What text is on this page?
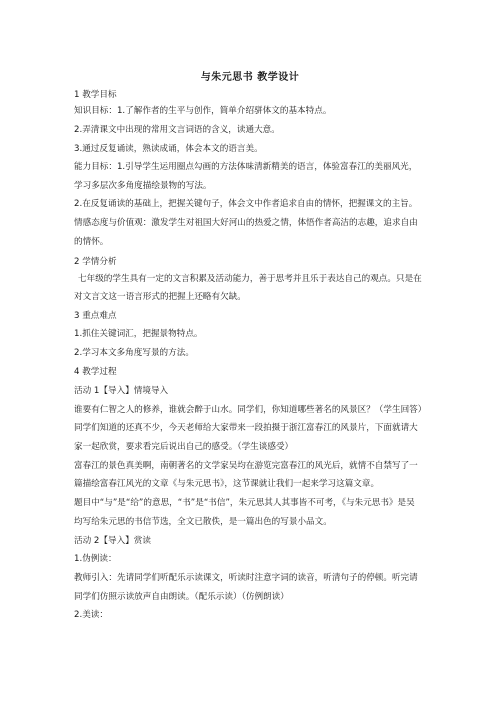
与朱元思书 教学设计
1 教学目标
知识目标：1.了解作者的生平与创作，简单介绍骈体文的基本特点。
2.弄清课文中出现的常用文言词语的含义，读通大意。
3.通过反复诵读，熟读成诵，体会本文的语言美。
能力目标：1.引导学生运用圈点勾画的方法体味清新精美的语言，体验富春江的美丽风光，
学习多层次多角度描绘景物的写法。
2.在反复诵读的基础上，把握关键句子，体会文中作者追求自由的情怀，把握课文的主旨。
情感态度与价值观：激发学生对祖国大好河山的热爱之情，体悟作者高洁的志趣，追求自由
的情怀。
2 学情分析
七年级的学生具有一定的文言积累及活动能力，善于思考并且乐于表达自己的观点。只是在
对文言文这一语言形式的把握上还略有欠缺。
3 重点难点
1.抓住关键词汇，把握景物特点。
2.学习本文多角度写景的方法。
4 教学过程
活动 1【导入】情境导入
谁要有仁智之人的修养，谁就会醉于山水。同学们，你知道哪些著名的风景区？（学生回答）
同学们知道的还真不少，今天老师给大家带来一段拍摄于浙江富春江的风景片，下面就请大
家一起欣赏，要求看完后说出自己的感受。（学生谈感受）
富春江的景色真美啊，南朝著名的文学家吴均在游览完富春江的风光后，就情不自禁写了一
篇描绘富春江风光的文章《与朱元思书》，这节课就让我们一起来学习这篇文章。
题目中“与”是“给”的意思，“书”是“书信”，朱元思其人其事皆不可考，《与朱元思书》是吴
均写给朱元思的书信节选，全文已散佚，是一篇出色的写景小品文。
活动 2【导入】赏读
1.伪例读：
教师引入：先请同学们听配乐示读课文，听读时注意字词的读音，听清句子的停顿。听完请
同学们仿照示读放声自由朗读。（配乐示读）（仿例朗读）
2.美读：
